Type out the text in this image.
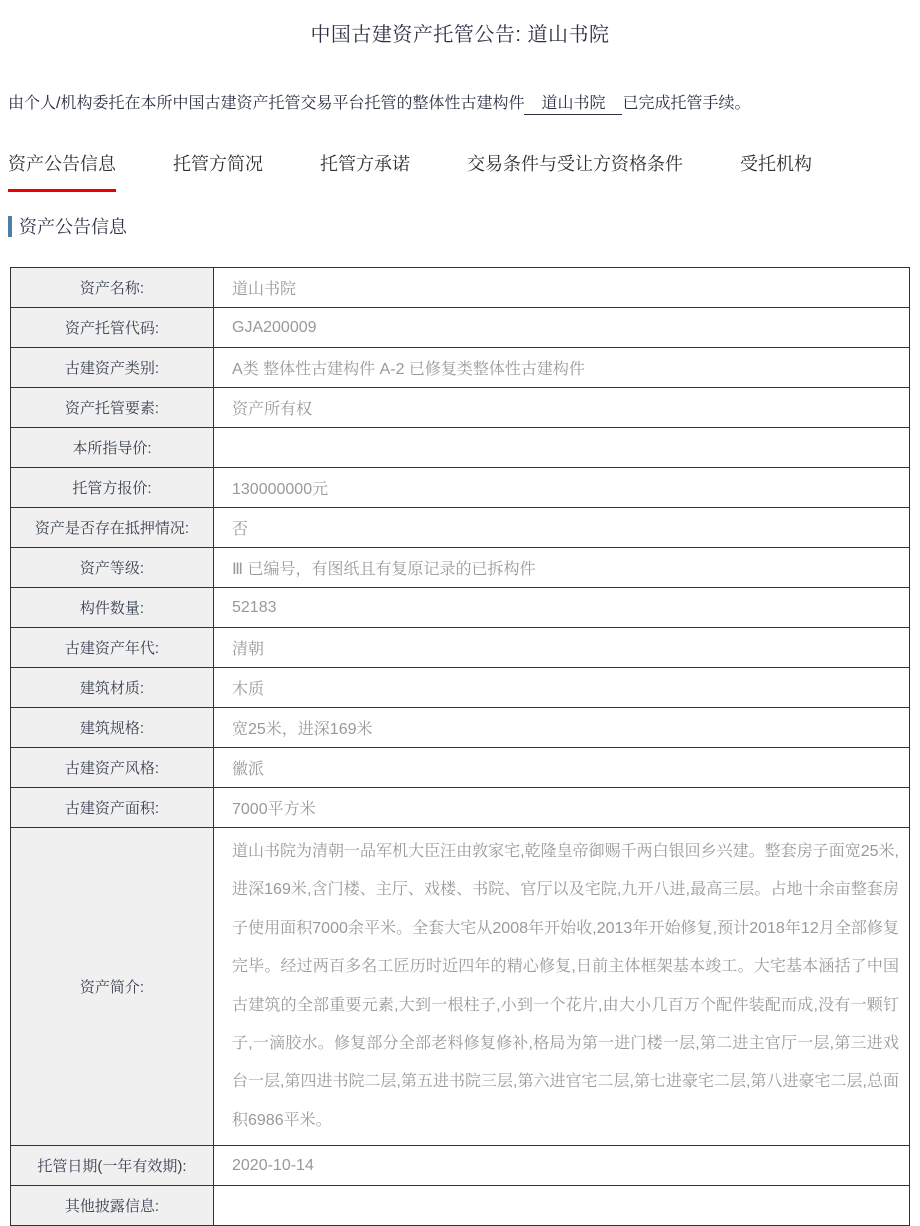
中国古建资产托管公告: 道山书院

由个人/机构委托在本所中国古建资产托管交易平台托管的整体性古建构件 道山书院 已完成托管手续。

资产公告信息	托管方简况	托管方承诺	交易条件与受让方资格条件	受托机构
资产公告信息
资产名称:	道山书院
资产托管代码:	GJA200009
古建资产类别:	A类 整体性古建构件 A-2 已修复类整体性古建构件
资产托管要素:	资产所有权
本所指导价:	
托管方报价:	130000000元
资产是否存在抵押情况:	否
资产等级:	Ⅲ 已编号，有图纸且有复原记录的已拆构件
构件数量:	52183
古建资产年代:	清朝
建筑材质:	木质
建筑规格:	宽25米，进深169米
古建资产风格:	徽派
古建资产面积:	7000平方米
资产简介:	道山书院为清朝一品军机大臣汪由敦家宅,乾隆皇帝御赐千两白银回乡兴建。整套房子面宽25米,进深169米,含门楼、主厅、戏楼、书院、官厅以及宅院,九开八进,最高三层。占地十余亩整套房子使用面积7000余平米。全套大宅从2008年开始收,2013年开始修复,预计2018年12月全部修复完毕。经过两百多名工匠历时近四年的精心修复,日前主体框架基本竣工。大宅基本涵括了中国古建筑的全部重要元素,大到一根柱子,小到一个花片,由大小几百万个配件装配而成,没有一颗钉子,一滴胶水。修复部分全部老料修复修补,格局为第一进门楼一层,第二进主官厅一层,第三进戏台一层,第四进书院二层,第五进书院三层,第六进官宅二层,第七进豪宅二层,第八进豪宅二层,总面积6986平米。
托管日期(一年有效期):	2020-10-14
其他披露信息:	
